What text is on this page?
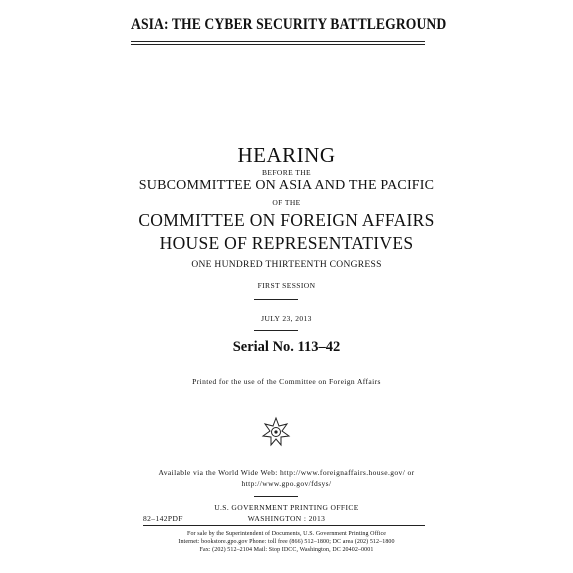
ASIA: THE CYBER SECURITY BATTLEGROUND
HEARING
BEFORE THE
SUBCOMMITTEE ON ASIA AND THE PACIFIC
OF THE
COMMITTEE ON FOREIGN AFFAIRS
HOUSE OF REPRESENTATIVES
ONE HUNDRED THIRTEENTH CONGRESS
FIRST SESSION
JULY 23, 2013
Serial No. 113–42
Printed for the use of the Committee on Foreign Affairs
Available via the World Wide Web: http://www.foreignaffairs.house.gov/ or
http://www.gpo.gov/fdsys/
U.S. GOVERNMENT PRINTING OFFICE
82–142PDF	WASHINGTON : 2013
For sale by the Superintendent of Documents, U.S. Government Printing Office
Internet: bookstore.gpo.gov Phone: toll free (866) 512–1800; DC area (202) 512–1800
Fax: (202) 512–2104 Mail: Stop IDCC, Washington, DC 20402–0001
